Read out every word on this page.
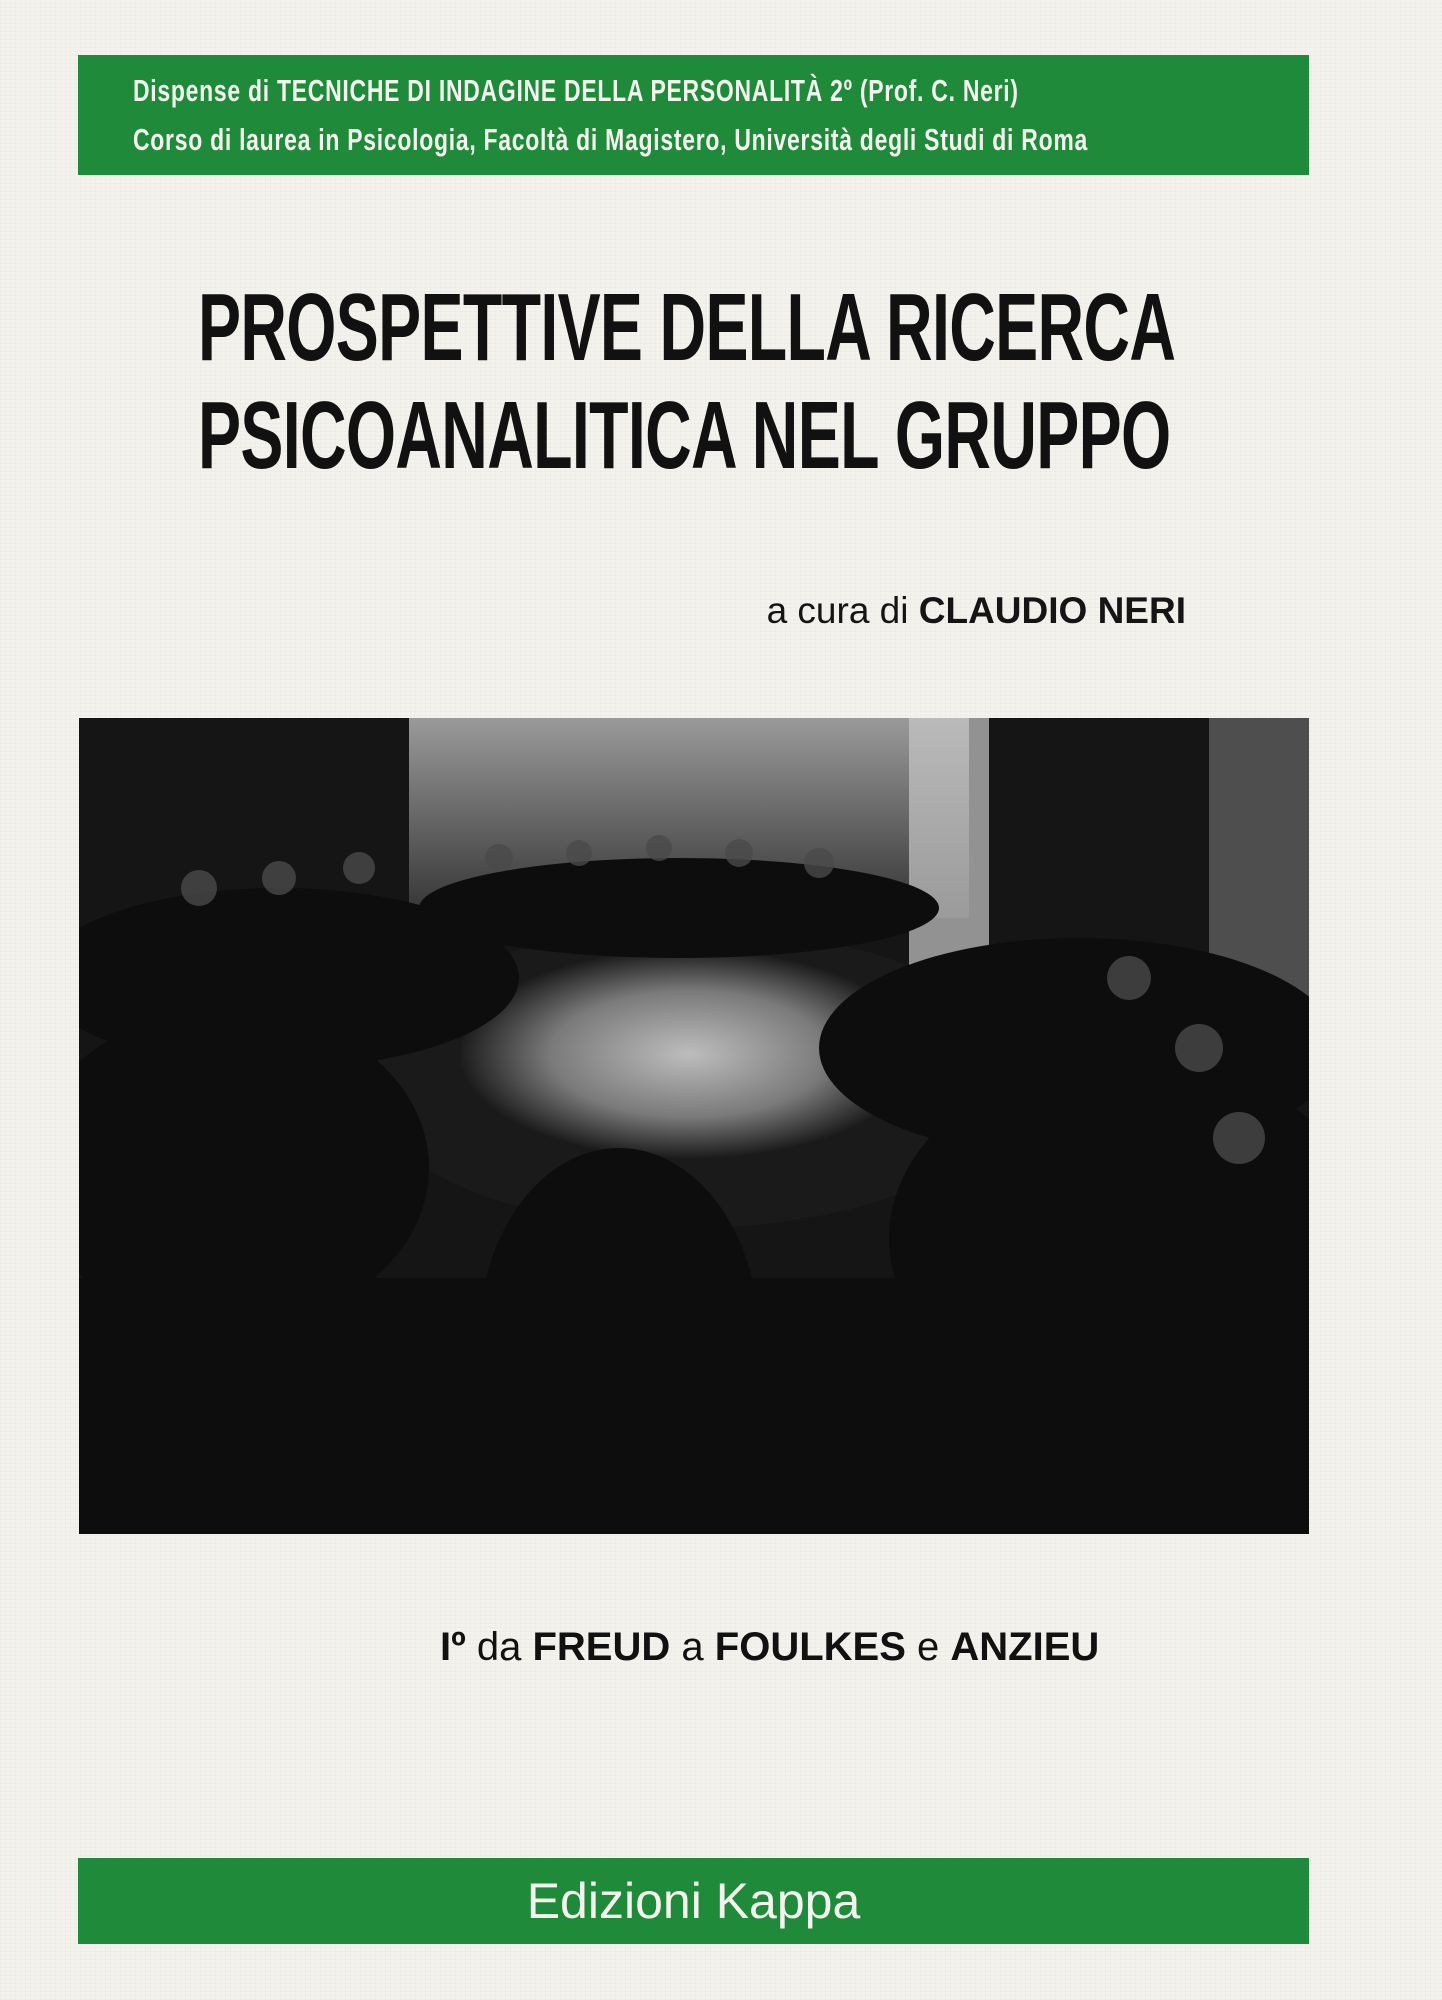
Dispense di TECNICHE DI INDAGINE DELLA PERSONALITÀ 2º (Prof. C. Neri)
Corso di laurea in Psicologia, Facoltà di Magistero, Università degli Studi di Roma
PROSPETTIVE DELLA RICERCA
PSICOANALITICA NEL GRUPPO
a cura di CLAUDIO NERI
Iº da FREUD a FOULKES e ANZIEU
Edizioni Kappa
